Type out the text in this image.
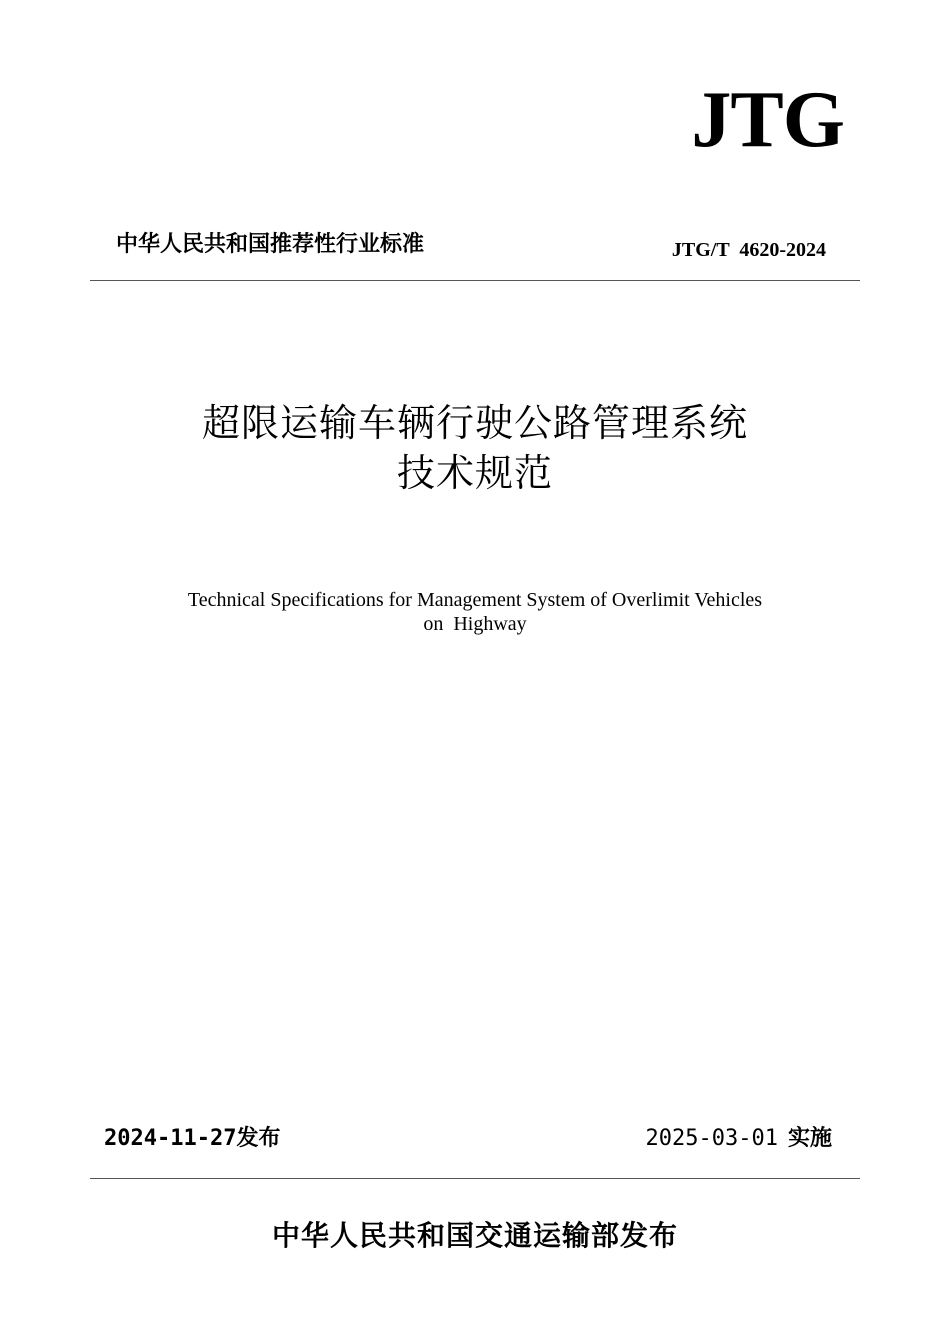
JTG
中华人民共和国推荐性行业标准	JTG/T  4620-2024
超限运输车辆行驶公路管理系统
技术规范
Technical Specifications for Management System of Overlimit Vehicles
on  Highway
2024-11-27 发布	2025-03-01 实施
中华人民共和国交通运输部发布
